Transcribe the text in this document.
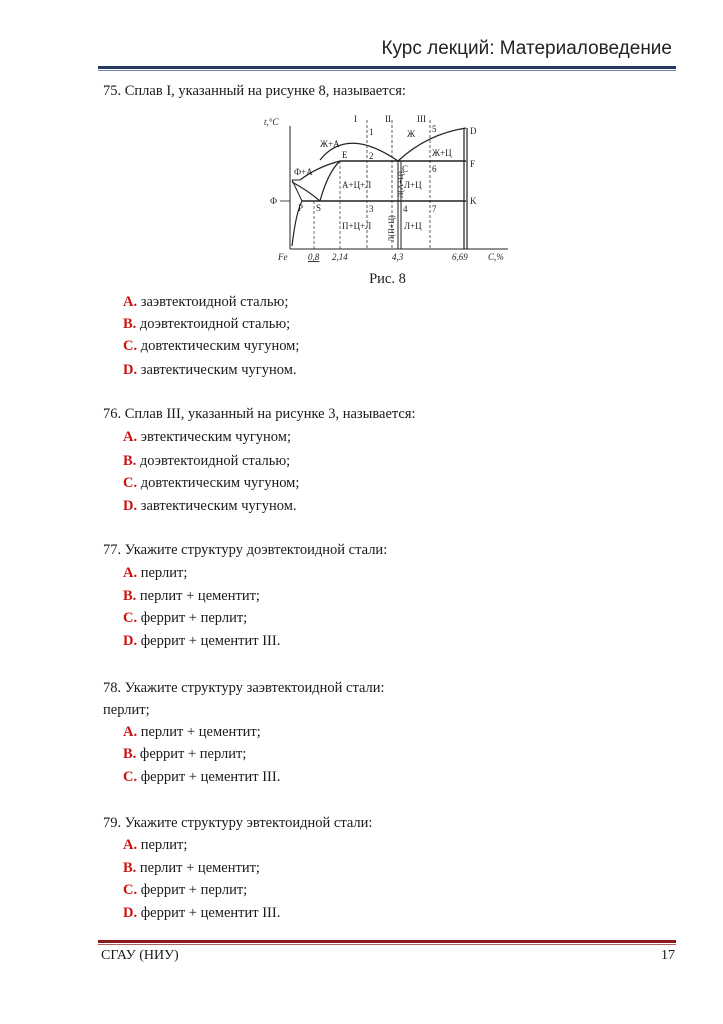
Курс лекций: Материаловедение
75. Сплав I, указанный на рисунке 8, называется:
t,°C
Fe	C,%
0,8 2,14	4,3	6,69
Ф
I	II	III
1
2
3	4
5
6
7
Ж
Ж+А
Ж+Ц
Ф+А
А+Ц+Л	Л+Ц
П+Ц+Л	Л+Ц
Л(П+Ц)
Л(А+Ц)
D
E
C	F
K
P S
Рис. 8
A. заэвтектоидной сталью;
B. доэвтектоидной сталью;
C. довтектическим чугуном;
D. завтектическим чугуном.
76. Сплав III, указанный на рисунке 3, называется:
A. эвтектическим чугуном;
B. доэвтектоидной сталью;
C. довтектическим чугуном;
D. завтектическим чугуном.
77. Укажите структуру доэвтектоидной стали:
A. перлит;
B. перлит + цементит;
C. феррит + перлит;
D. феррит + цементит III.
78. Укажите структуру заэвтектоидной стали:
перлит;
A. перлит + цементит;
B. феррит + перлит;
C. феррит + цементит III.
79. Укажите структуру эвтектоидной стали:
A. перлит;
B. перлит + цементит;
C. феррит + перлит;
D. феррит + цементит III.
СГАУ (НИУ)	17
